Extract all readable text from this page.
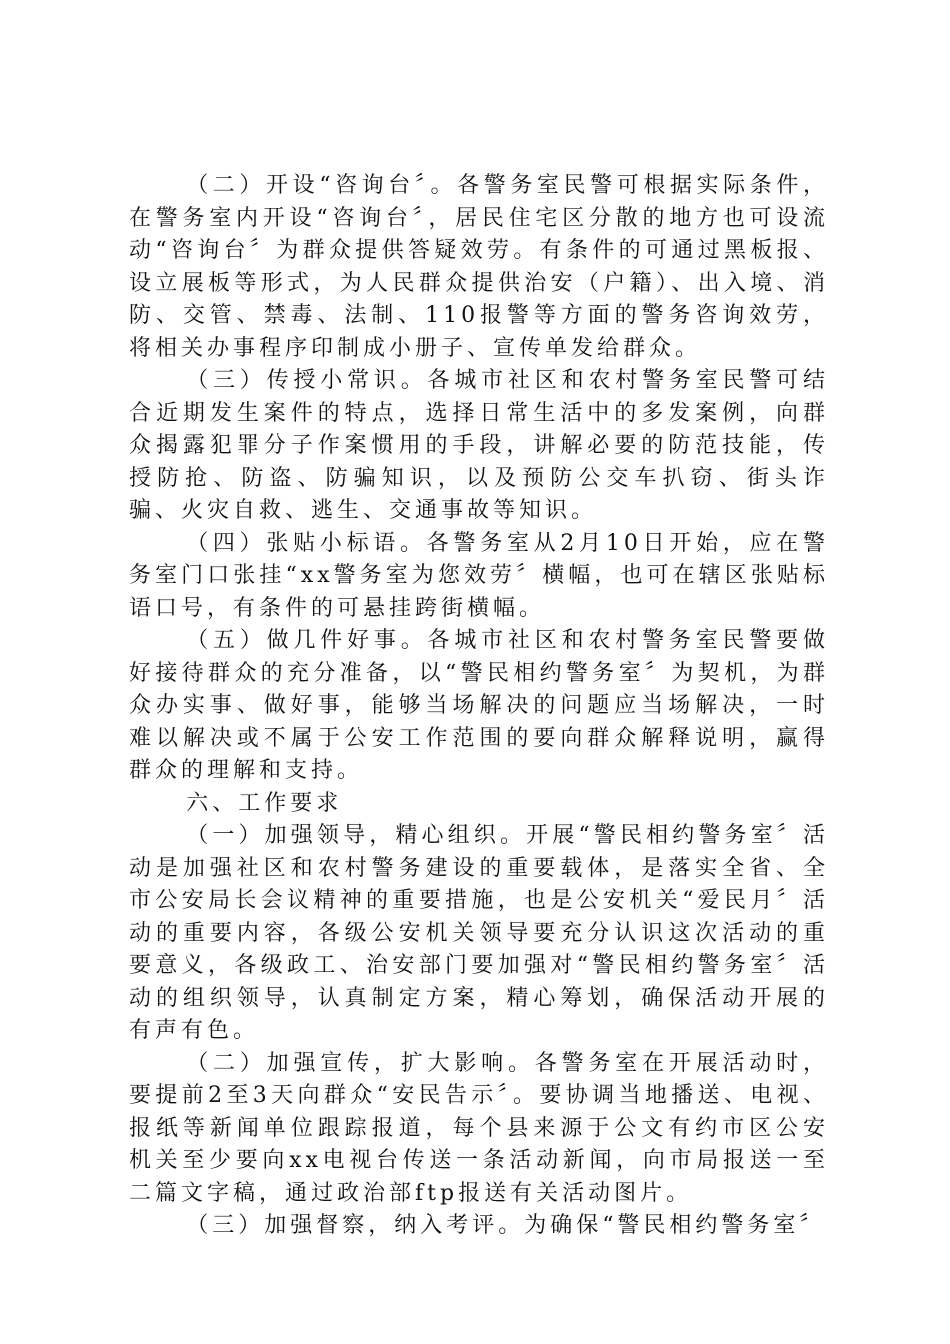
（二）开设“咨询台〞。各警务室民警可根据实际条件，在警务室内开设“咨询台〞，居民住宅区分散的地方也可设流动“咨询台〞为群众提供答疑效劳。有条件的可通过黑板报、设立展板等形式，为人民群众提供治安（户籍）、出入境、消防、交管、禁毒、法制、110报警等方面的警务咨询效劳，将相关办事程序印制成小册子、宣传单发给群众。

（三）传授小常识。各城市社区和农村警务室民警可结合近期发生案件的特点，选择日常生活中的多发案例，向群众揭露犯罪分子作案惯用的手段，讲解必要的防范技能，传授防抢、防盗、防骗知识，以及预防公交车扒窃、街头诈骗、火灾自救、逃生、交通事故等知识。

（四）张贴小标语。各警务室从2月10日开始，应在警务室门口张挂“xx警务室为您效劳〞横幅，也可在辖区张贴标语口号，有条件的可悬挂跨街横幅。

（五）做几件好事。各城市社区和农村警务室民警要做好接待群众的充分准备，以“警民相约警务室〞为契机，为群众办实事、做好事，能够当场解决的问题应当场解决，一时难以解决或不属于公安工作范围的要向群众解释说明，赢得群众的理解和支持。

六、工作要求

（一）加强领导，精心组织。开展“警民相约警务室〞活动是加强社区和农村警务建设的重要载体，是落实全省、全市公安局长会议精神的重要措施，也是公安机关“爱民月〞活动的重要内容，各级公安机关领导要充分认识这次活动的重要意义，各级政工、治安部门要加强对“警民相约警务室〞活动的组织领导，认真制定方案，精心筹划，确保活动开展的有声有色。

（二）加强宣传，扩大影响。各警务室在开展活动时，要提前2至3天向群众“安民告示〞。要协调当地播送、电视、报纸等新闻单位跟踪报道，每个县来源于公文有约市区公安机关至少要向xx电视台传送一条活动新闻，向市局报送一至二篇文字稿，通过政治部ftp报送有关活动图片。

（三）加强督察，纳入考评。为确保“警民相约警务室〞
